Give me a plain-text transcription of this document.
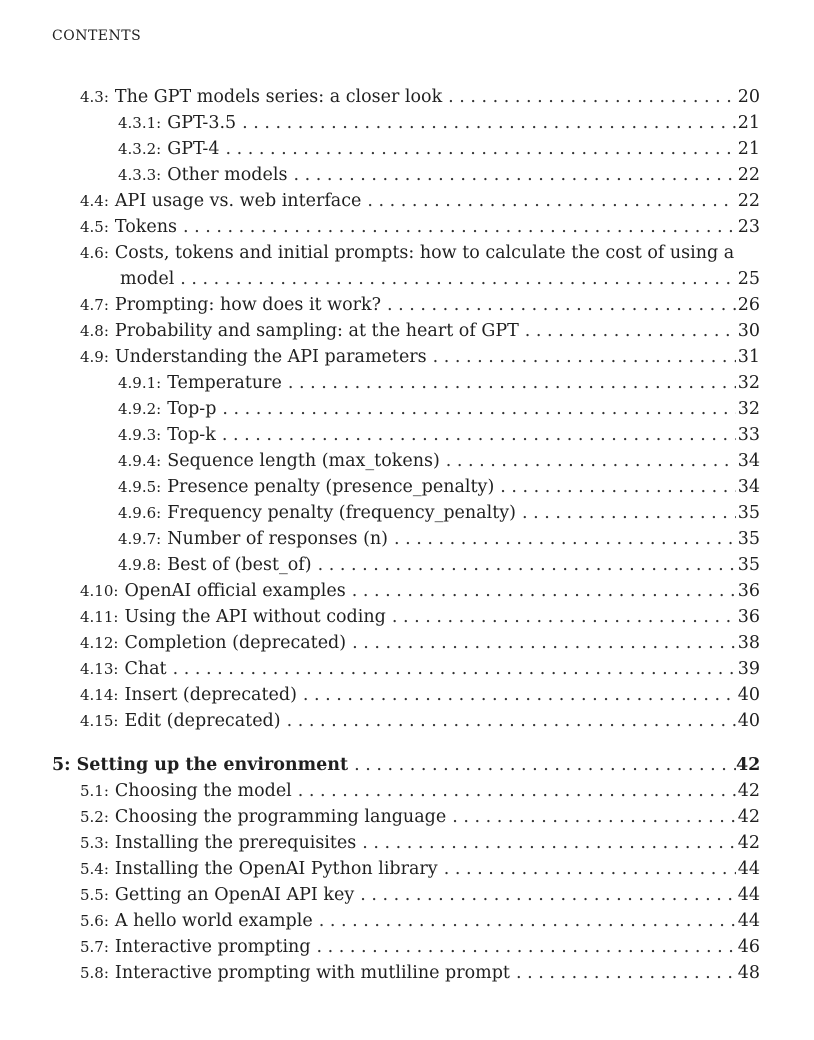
CONTENTS
4.3: The GPT models series: a closer look . . .	20
4.3.1: GPT-3.5 . . .	21
4.3.2: GPT-4 . . .	21
4.3.3: Other models . . .	22
4.4: API usage vs. web interface . . .	22
4.5: Tokens . . .	23
4.6: Costs, tokens and initial prompts: how to calculate the cost of using a
model . . .	25
4.7: Prompting: how does it work? . . .	26
4.8: Probability and sampling: at the heart of GPT . . .	30
4.9: Understanding the API parameters . . .	31
4.9.1: Temperature . . .	32
4.9.2: Top-p . . .	32
4.9.3: Top-k . . .	33
4.9.4: Sequence length (max_tokens) . . .	34
4.9.5: Presence penalty (presence_penalty) . . .	34
4.9.6: Frequency penalty (frequency_penalty) . . .	35
4.9.7: Number of responses (n) . . .	35
4.9.8: Best of (best_of) . . .	35
4.10: OpenAI official examples . . .	36
4.11: Using the API without coding . . .	36
4.12: Completion (deprecated) . . .	38
4.13: Chat . . .	39
4.14: Insert (deprecated) . . .	40
4.15: Edit (deprecated) . . .	40
5: Setting up the environment . . .	42
5.1: Choosing the model . . .	42
5.2: Choosing the programming language . . .	42
5.3: Installing the prerequisites . . .	42
5.4: Installing the OpenAI Python library . . .	44
5.5: Getting an OpenAI API key . . .	44
5.6: A hello world example . . .	44
5.7: Interactive prompting . . .	46
5.8: Interactive prompting with mutliline prompt . . .	48
